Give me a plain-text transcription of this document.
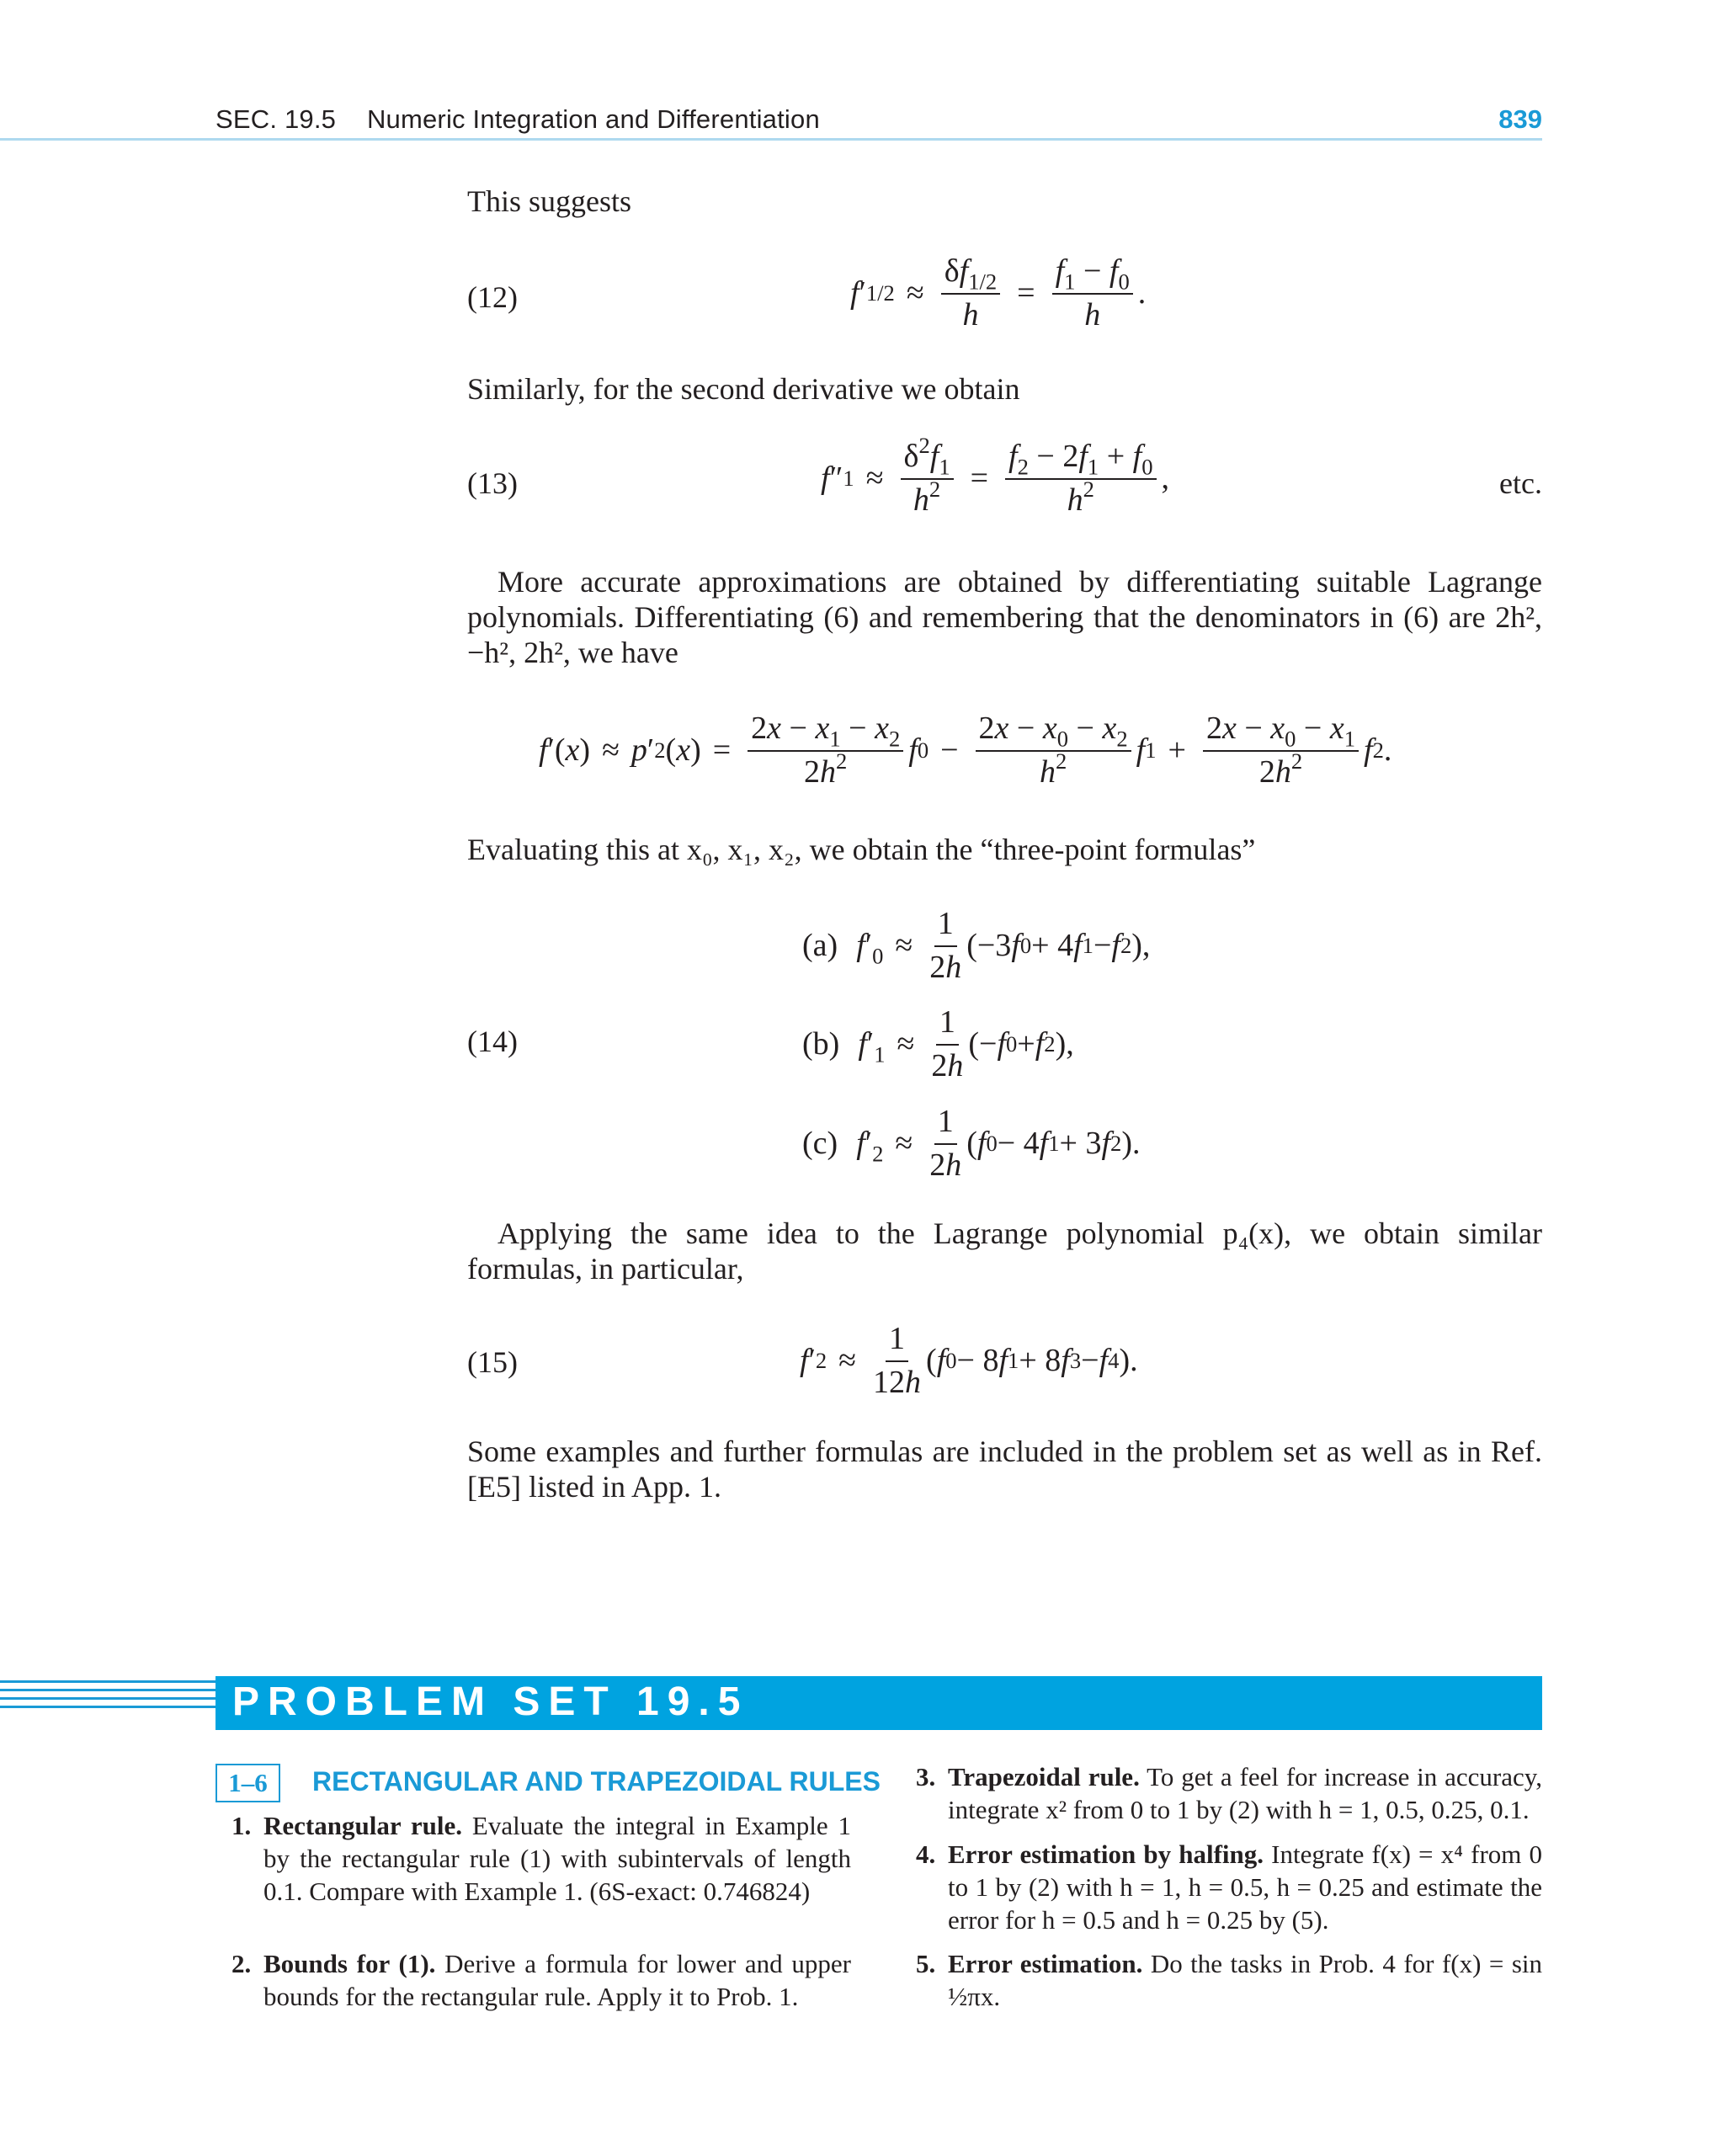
SEC. 19.5 Numeric Integration and Differentiation	839
This suggests
(12)	f ′ $1/2 \approx \frac{\delta f_{1/2}}{h} = \frac{f_1 - f_0}{h}$ .
Similarly, for the second derivative we obtain
(13)	f ″ $1 \approx \frac{\delta^2f_1}{h^2} = \frac{f_2 - 2f_1 + f_0}{h^2}$ ,	etc.
More accurate approximations are obtained by differentiating suitable Lagrange polynomials. Differentiating (6) and remembering that the denominators in (6) are 2h², −h², 2h², we have
f ′( x ) ≈ p ′ 2 ( x ) = $\frac{2x - x_1 - x_2}{2h^2}$ f $0 - \frac{2x - x_0 - x_2}{h^2}$ f $1 + \frac{2x - x_0 - x_1}{2h^2}$ f 2 .
Evaluating this at x₀, x₁, x₂, we obtain the “three-point formulas”
(14)
(a) $f'_0 \approx \frac{1}{2h} (-3$ f 0 + 4 f 1 − f 2 ),
(b) $f'_1 \approx \frac{1}{2h}$ (− f 0 + f 2 ),
(c) $f'_2 \approx \frac{1}{2h}$ ( f 0 − 4 f 1 + 3 f 2 ).
Applying the same idea to the Lagrange polynomial p₄(x), we obtain similar formulas, in particular,
(15)	f ′ $2 \approx \frac{1}{12h}$ ( f 0 − 8 f 1 + 8 f 3 − f 4 ).
Some examples and further formulas are included in the problem set as well as in Ref. [E5] listed in App. 1.
PROBLEM SET 19.5
1–6	RECTANGULAR AND TRAPEZOIDAL RULES
1. Rectangular rule. Evaluate the integral in Example 1 by the rectangular rule (1) with subintervals of length 0.1. Compare with Example 1. (6S-exact: 0.746824)
2. Bounds for (1). Derive a formula for lower and upper bounds for the rectangular rule. Apply it to Prob. 1.
3. Trapezoidal rule. To get a feel for increase in accuracy, integrate x² from 0 to 1 by (2) with h = 1, 0.5, 0.25, 0.1.
4. Error estimation by halfing. Integrate f(x) = x⁴ from 0 to 1 by (2) with h = 1, h = 0.5, h = 0.25 and estimate the error for h = 0.5 and h = 0.25 by (5).
5. Error estimation. Do the tasks in Prob. 4 for f(x) = sin ½πx.
